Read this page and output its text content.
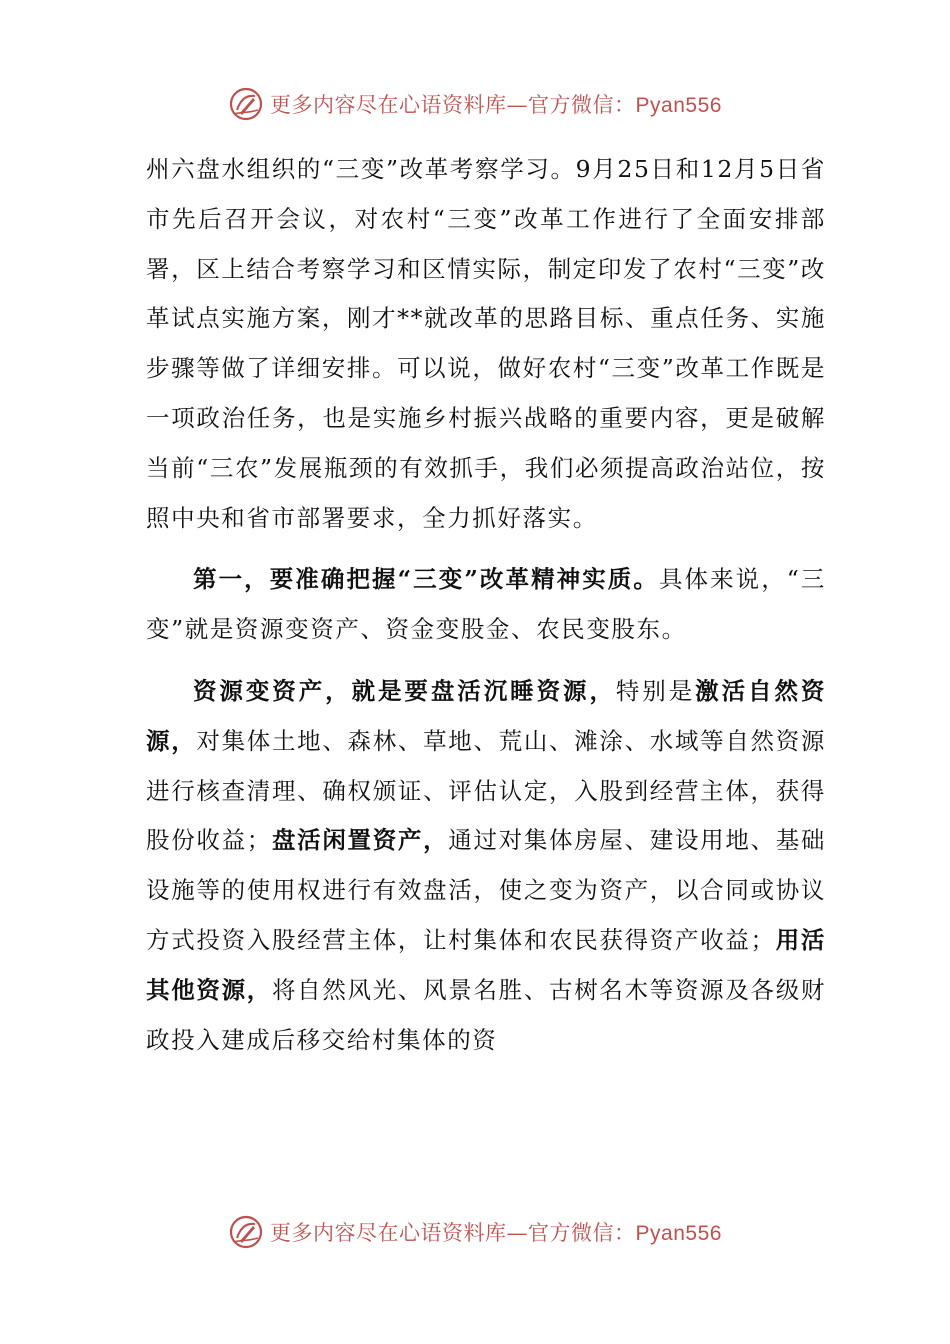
更多内容尽在心语资料库—官方微信：Pyan556

州六盘水组织的“三变”改革考察学习。9月25日和12月5日省市先后召开会议，对农村“三变”改革工作进行了全面安排部署，区上结合考察学习和区情实际，制定印发了农村“三变”改革试点实施方案，刚才**就改革的思路目标、重点任务、实施步骤等做了详细安排。可以说，做好农村“三变”改革工作既是一项政治任务，也是实施乡村振兴战略的重要内容，更是破解当前“三农”发展瓶颈的有效抓手，我们必须提高政治站位，按照中央和省市部署要求，全力抓好落实。

第一，要准确把握“三变”改革精神实质。具体来说，“三变”就是资源变资产、资金变股金、农民变股东。

资源变资产，就是要盘活沉睡资源，特别是激活自然资源，对集体土地、森林、草地、荒山、滩涂、水域等自然资源进行核查清理、确权颁证、评估认定，入股到经营主体，获得股份收益；盘活闲置资产，通过对集体房屋、建设用地、基础设施等的使用权进行有效盘活，使之变为资产，以合同或协议方式投资入股经营主体，让村集体和农民获得资产收益；用活其他资源，将自然风光、风景名胜、古树名木等资源及各级财政投入建成后移交给村集体的资

更多内容尽在心语资料库—官方微信：Pyan556
